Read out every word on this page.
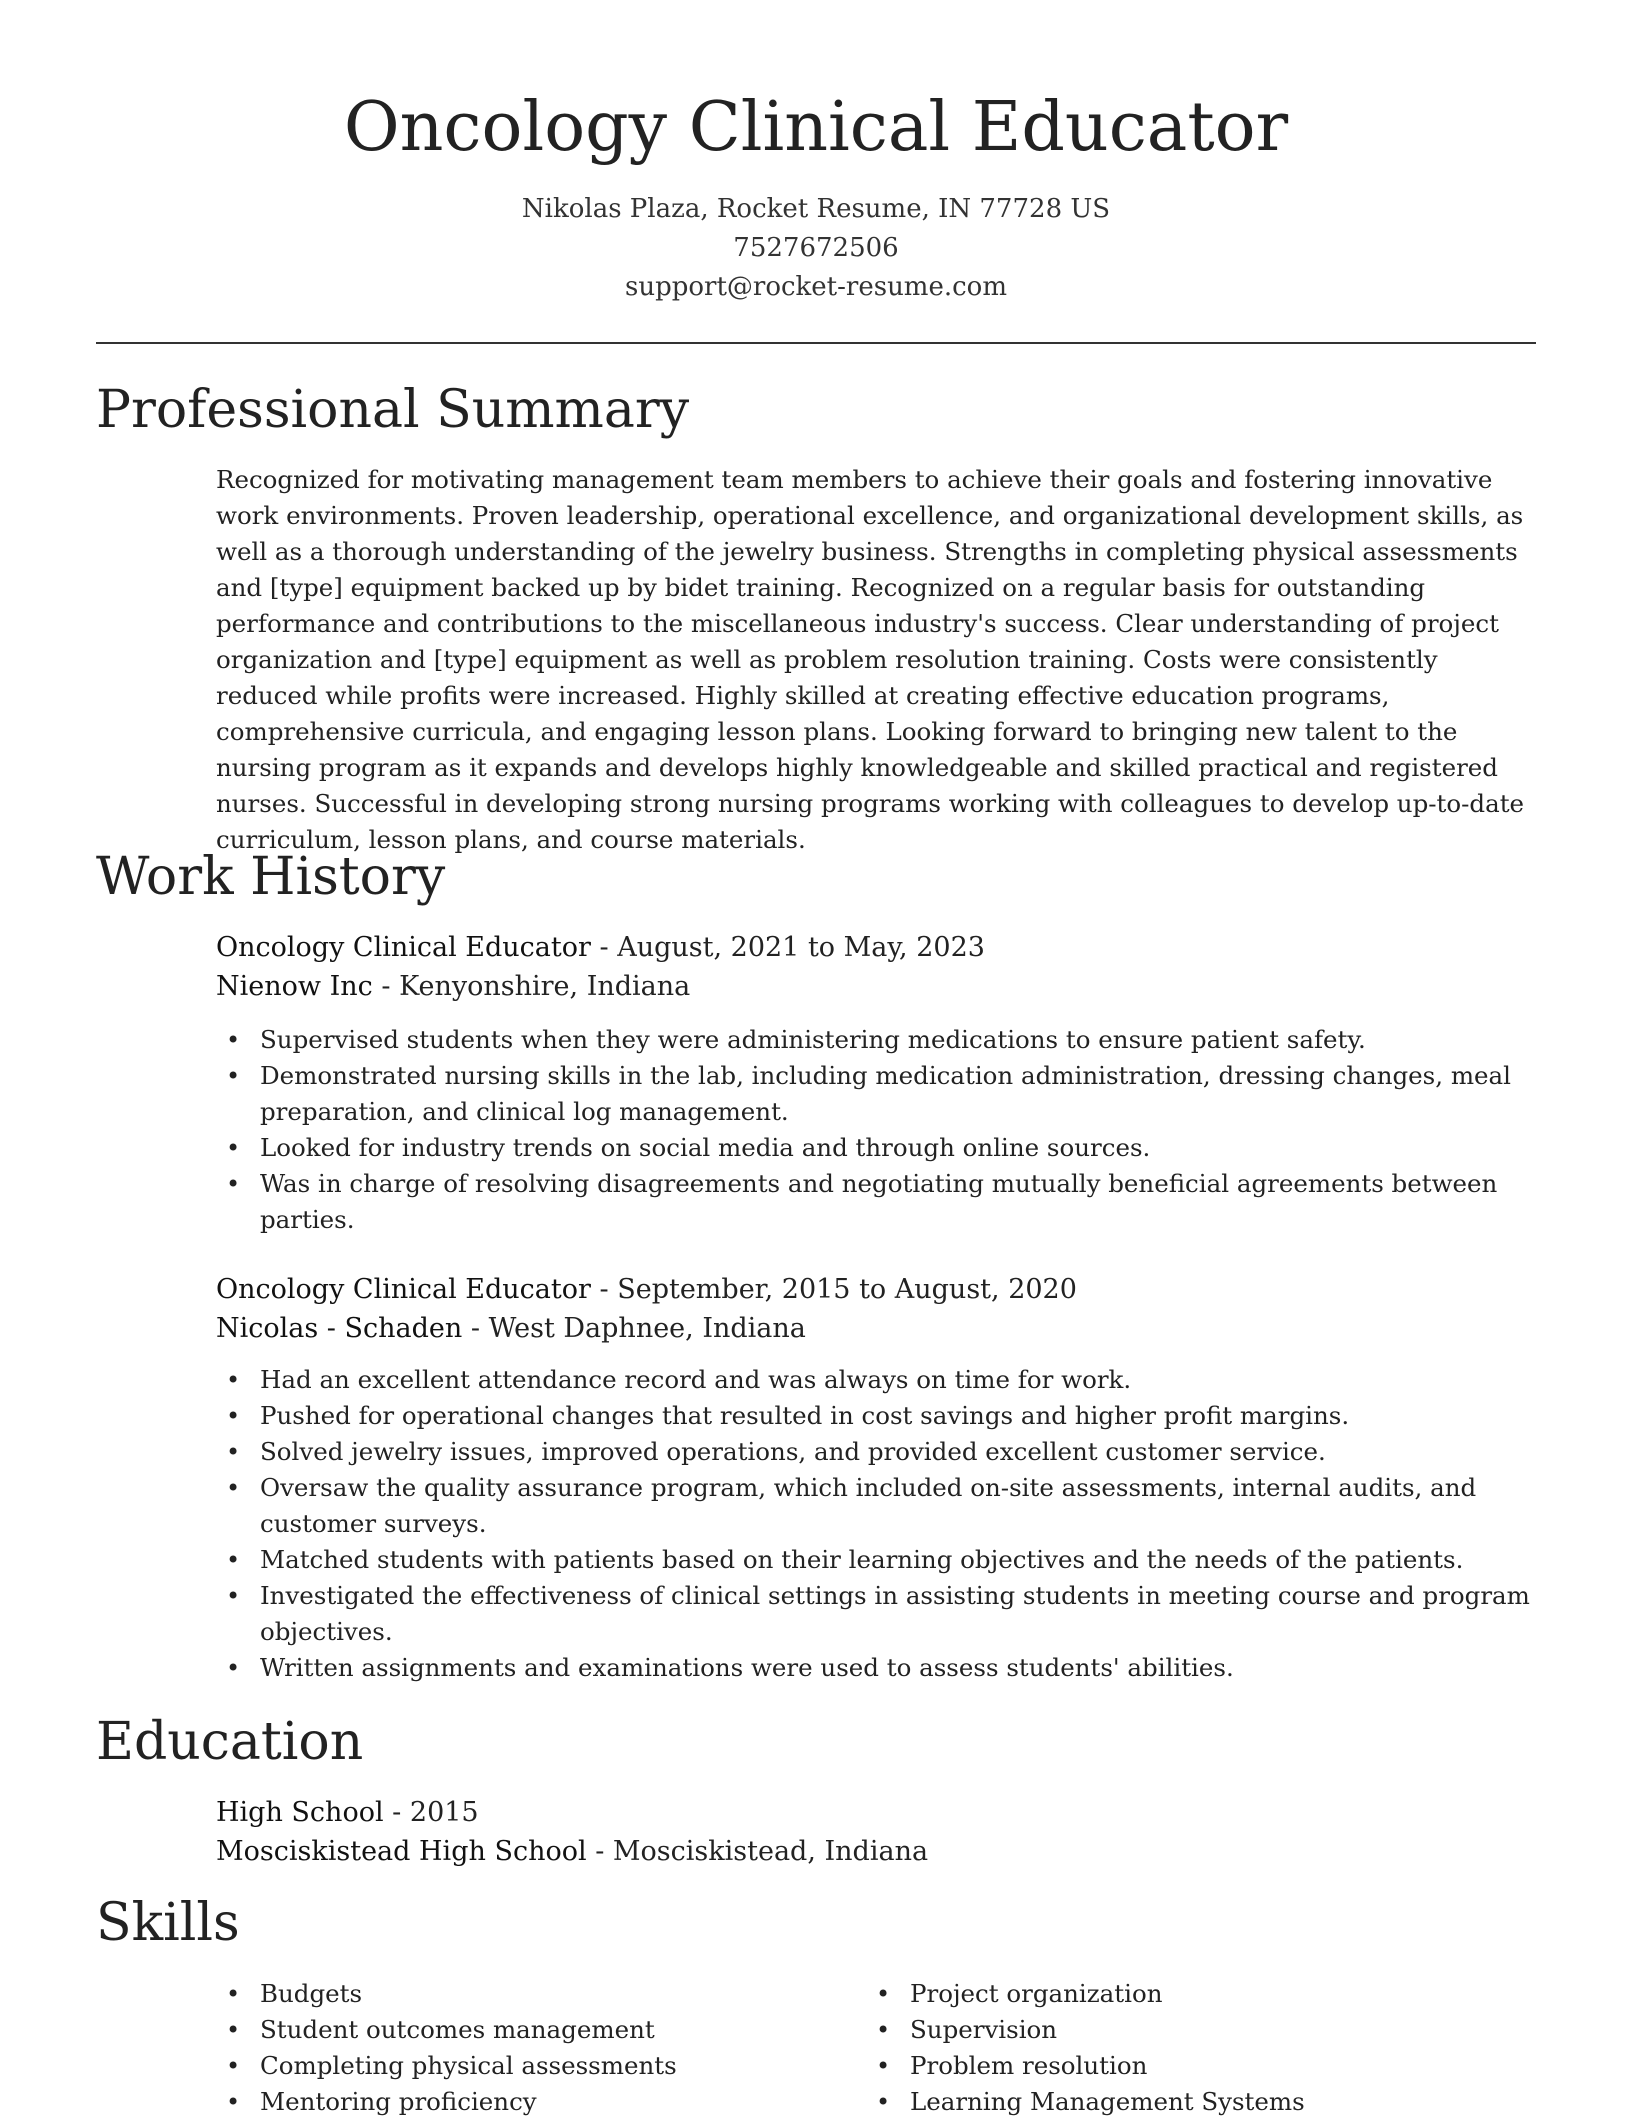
Oncology Clinical Educator
Nikolas Plaza, Rocket Resume, IN 77728 US
7527672506
support@rocket-resume.com
Professional Summary

Recognized for motivating management team members to achieve their goals and fostering innovative work environments. Proven leadership, operational excellence, and organizational development skills, as well as a thorough understanding of the jewelry business. Strengths in completing physical assessments and [type] equipment backed up by bidet training. Recognized on a regular basis for outstanding performance and contributions to the miscellaneous industry's success. Clear understanding of project organization and [type] equipment as well as problem resolution training. Costs were consistently reduced while profits were increased. Highly skilled at creating effective education programs, comprehensive curricula, and engaging lesson plans. Looking forward to bringing new talent to the nursing program as it expands and develops highly knowledgeable and skilled practical and registered nurses. Successful in developing strong nursing programs working with colleagues to develop up-to-date curriculum, lesson plans, and course materials.

Work History
Oncology Clinical Educator - August, 2021 to May, 2023
Nienow Inc - Kenyonshire, Indiana
• Supervised students when they were administering medications to ensure patient safety.
• Demonstrated nursing skills in the lab, including medication administration, dressing changes, meal preparation, and clinical log management.
• Looked for industry trends on social media and through online sources.
• Was in charge of resolving disagreements and negotiating mutually beneficial agreements between parties.
Oncology Clinical Educator - September, 2015 to August, 2020
Nicolas - Schaden - West Daphnee, Indiana
• Had an excellent attendance record and was always on time for work.
• Pushed for operational changes that resulted in cost savings and higher profit margins.
• Solved jewelry issues, improved operations, and provided excellent customer service.
• Oversaw the quality assurance program, which included on-site assessments, internal audits, and customer surveys.
• Matched students with patients based on their learning objectives and the needs of the patients.
• Investigated the effectiveness of clinical settings in assisting students in meeting course and program objectives.
• Written assignments and examinations were used to assess students' abilities.
Education
High School - 2015
Mosciskistead High School - Mosciskistead, Indiana
Skills
• Budgets
• Student outcomes management
• Completing physical assessments
• Mentoring proficiency
• Project organization
• Supervision
• Problem resolution
• Learning Management Systems
